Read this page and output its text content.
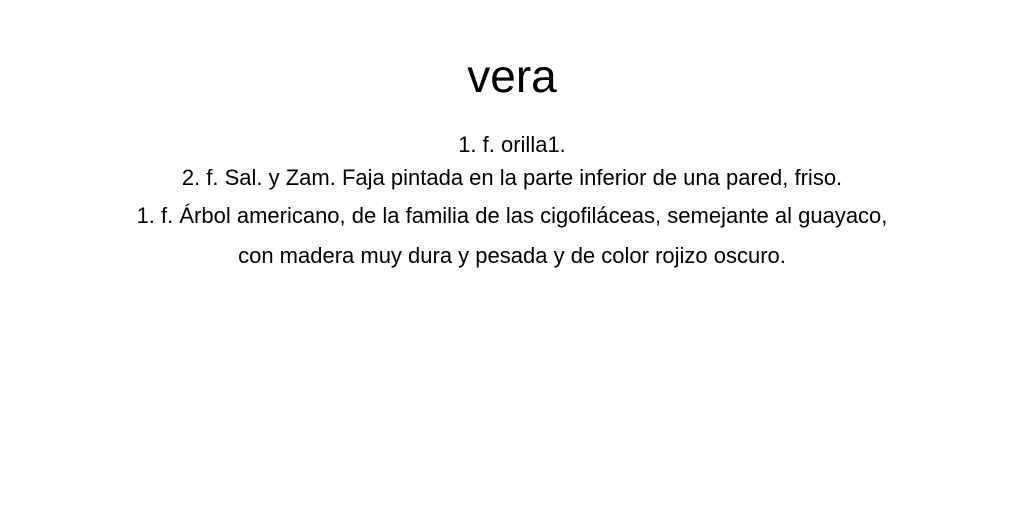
vera

1. f. orilla1.

2. f. Sal. y Zam. Faja pintada en la parte inferior de una pared, friso.

1. f. Árbol americano, de la familia de las cigofiláceas, semejante al guayaco,

con madera muy dura y pesada y de color rojizo oscuro.
